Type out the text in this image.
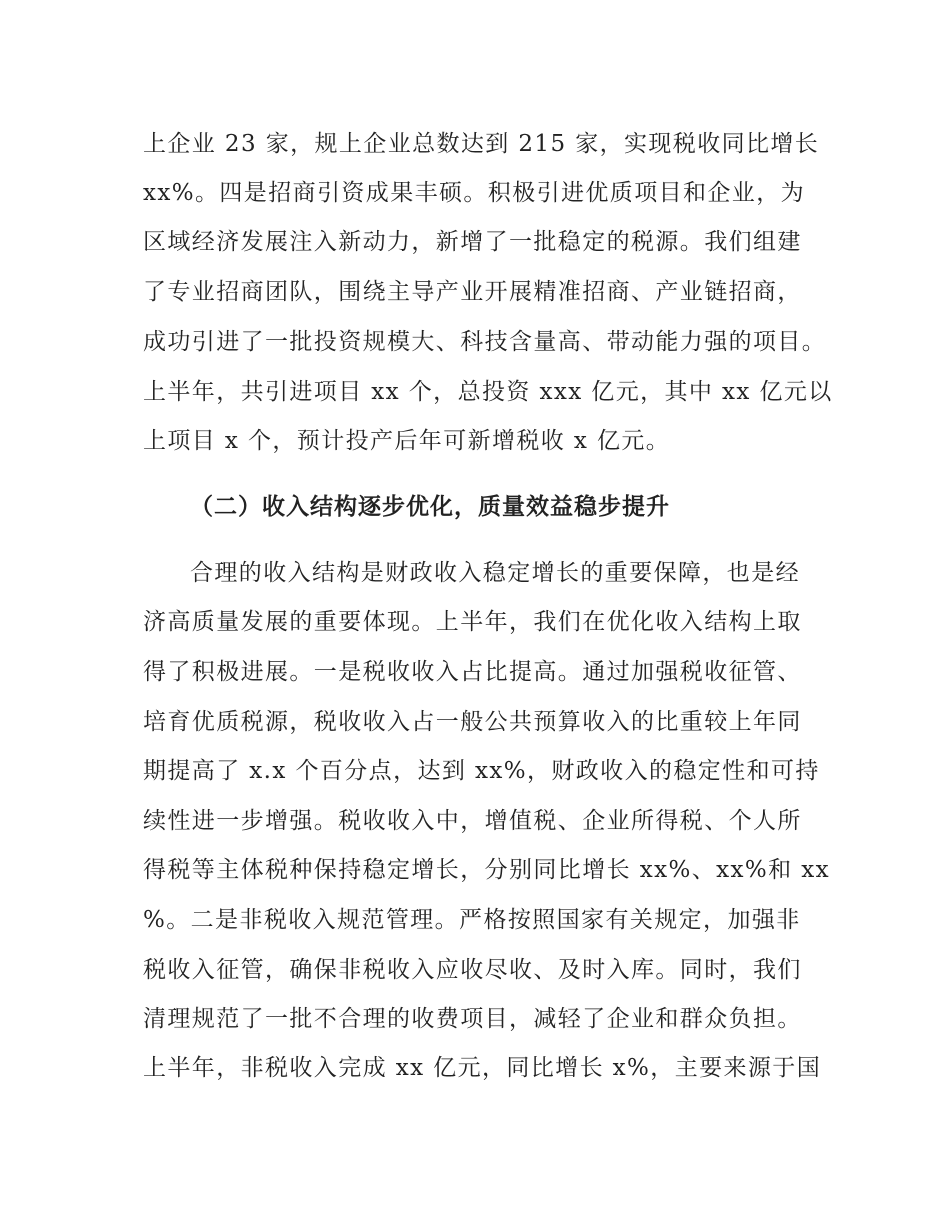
上企业 23 家，规上企业总数达到 215 家，实现税收同比增长
xx%。四是招商引资成果丰硕。积极引进优质项目和企业，为
区域经济发展注入新动力，新增了一批稳定的税源。我们组建
了专业招商团队，围绕主导产业开展精准招商、产业链招商，
成功引进了一批投资规模大、科技含量高、带动能力强的项目。
上半年，共引进项目 xx 个，总投资 xxx 亿元，其中 xx 亿元以
上项目 x 个，预计投产后年可新增税收 x 亿元。
（二）收入结构逐步优化，质量效益稳步提升
合理的收入结构是财政收入稳定增长的重要保障，也是经
济高质量发展的重要体现。上半年，我们在优化收入结构上取
得了积极进展。一是税收收入占比提高。通过加强税收征管、
培育优质税源，税收收入占一般公共预算收入的比重较上年同
期提高了 x.x 个百分点，达到 xx%，财政收入的稳定性和可持
续性进一步增强。税收收入中，增值税、企业所得税、个人所
得税等主体税种保持稳定增长，分别同比增长 xx%、xx%和 xx
%。二是非税收入规范管理。严格按照国家有关规定，加强非
税收入征管，确保非税收入应收尽收、及时入库。同时，我们
清理规范了一批不合理的收费项目，减轻了企业和群众负担。
上半年，非税收入完成 xx 亿元，同比增长 x%，主要来源于国
